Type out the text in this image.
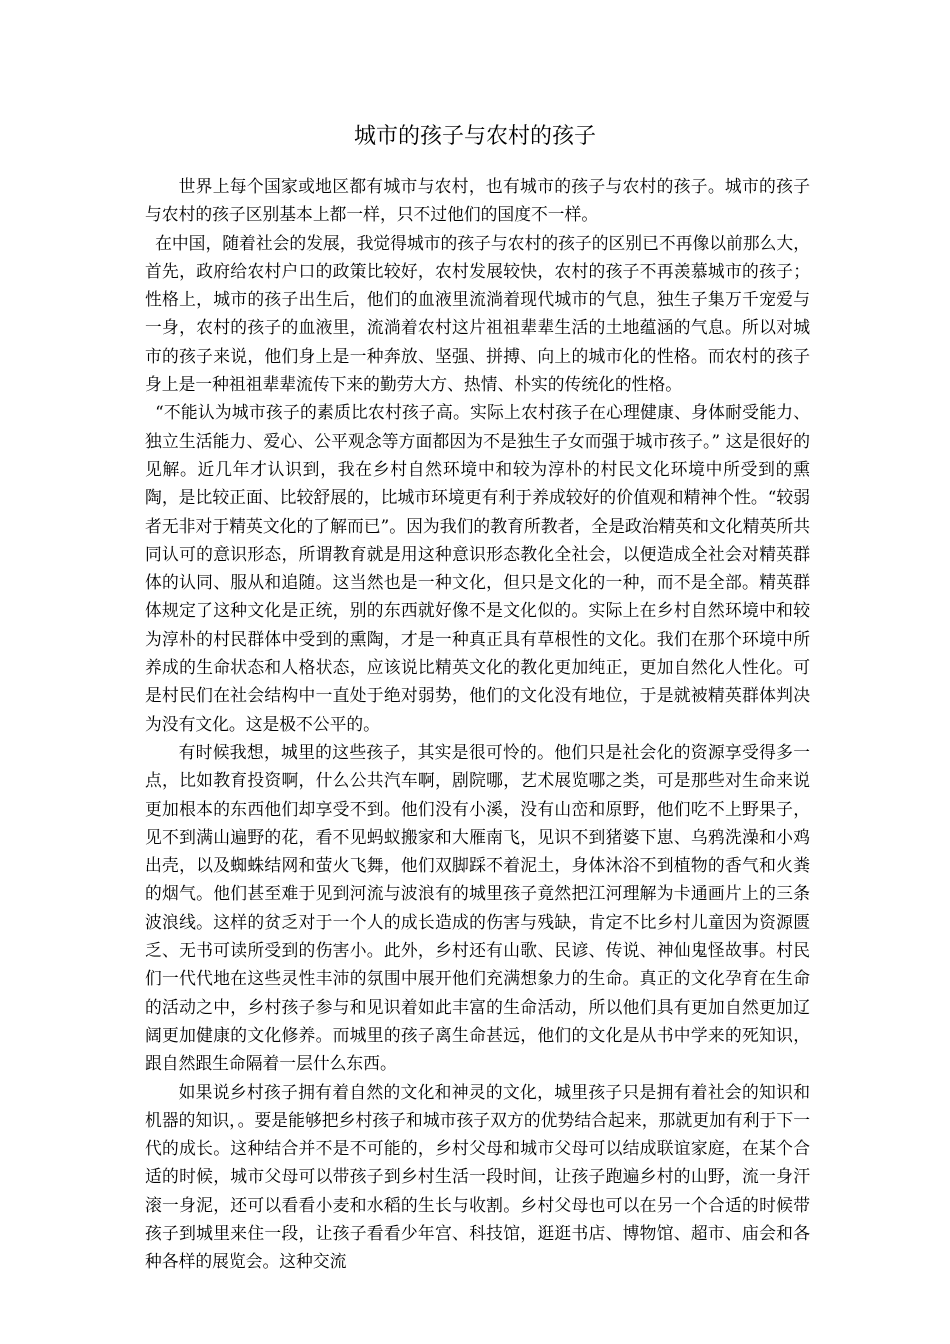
城市的孩子与农村的孩子

世界上每个国家或地区都有城市与农村，也有城市的孩子与农村的孩子。城市的孩子与农村的孩子区别基本上都一样，只不过他们的国度不一样。

在中国，随着社会的发展，我觉得城市的孩子与农村的孩子的区别已不再像以前那么大，首先，政府给农村户口的政策比较好，农村发展较快，农村的孩子不再羡慕城市的孩子；性格上，城市的孩子出生后，他们的血液里流淌着现代城市的气息，独生子集万千宠爱与一身，农村的孩子的血液里，流淌着农村这片祖祖辈辈生活的土地蕴涵的气息。所以对城市的孩子来说，他们身上是一种奔放、坚强、拼搏、向上的城市化的性格。而农村的孩子身上是一种祖祖辈辈流传下来的勤劳大方、热情、朴实的传统化的性格。

“不能认为城市孩子的素质比农村孩子高。实际上农村孩子在心理健康、身体耐受能力、独立生活能力、爱心、公平观念等方面都因为不是独生子女而强于城市孩子。” 这是很好的见解。近几年才认识到，我在乡村自然环境中和较为淳朴的村民文化环境中所受到的熏陶，是比较正面、比较舒展的，比城市环境更有利于养成较好的价值观和精神个性。“较弱者无非对于精英文化的了解而已”。因为我们的教育所教者，全是政治精英和文化精英所共同认可的意识形态，所谓教育就是用这种意识形态教化全社会，以便造成全社会对精英群体的认同、服从和追随。这当然也是一种文化，但只是文化的一种，而不是全部。精英群体规定了这种文化是正统，别的东西就好像不是文化似的。实际上在乡村自然环境中和较为淳朴的村民群体中受到的熏陶，才是一种真正具有草根性的文化。我们在那个环境中所养成的生命状态和人格状态，应该说比精英文化的教化更加纯正，更加自然化人性化。可是村民们在社会结构中一直处于绝对弱势，他们的文化没有地位，于是就被精英群体判决为没有文化。这是极不公平的。

有时候我想，城里的这些孩子，其实是很可怜的。他们只是社会化的资源享受得多一点，比如教育投资啊，什么公共汽车啊，剧院哪，艺术展览哪之类，可是那些对生命来说更加根本的东西他们却享受不到。他们没有小溪，没有山峦和原野，他们吃不上野果子，见不到满山遍野的花，看不见蚂蚁搬家和大雁南飞，见识不到猪婆下崽、乌鸦洗澡和小鸡出壳，以及蜘蛛结网和萤火飞舞，他们双脚踩不着泥土，身体沐浴不到植物的香气和火粪的烟气。他们甚至难于见到河流与波浪有的城里孩子竟然把江河理解为卡通画片上的三条波浪线。这样的贫乏对于一个人的成长造成的伤害与残缺，肯定不比乡村儿童因为资源匮乏、无书可读所受到的伤害小。此外，乡村还有山歌、民谚、传说、神仙鬼怪故事。村民们一代代地在这些灵性丰沛的氛围中展开他们充满想象力的生命。真正的文化孕育在生命的活动之中，乡村孩子参与和见识着如此丰富的生命活动，所以他们具有更加自然更加辽阔更加健康的文化修养。而城里的孩子离生命甚远，他们的文化是从书中学来的死知识，跟自然跟生命隔着一层什么东西。

如果说乡村孩子拥有着自然的文化和神灵的文化，城里孩子只是拥有着社会的知识和机器的知识，。要是能够把乡村孩子和城市孩子双方的优势结合起来，那就更加有利于下一代的成长。这种结合并不是不可能的，乡村父母和城市父母可以结成联谊家庭，在某个合适的时候，城市父母可以带孩子到乡村生活一段时间，让孩子跑遍乡村的山野，流一身汗滚一身泥，还可以看看小麦和水稻的生长与收割。乡村父母也可以在另一个合适的时候带孩子到城里来住一段，让孩子看看少年宫、科技馆，逛逛书店、博物馆、超市、庙会和各种各样的展览会。这种交流
